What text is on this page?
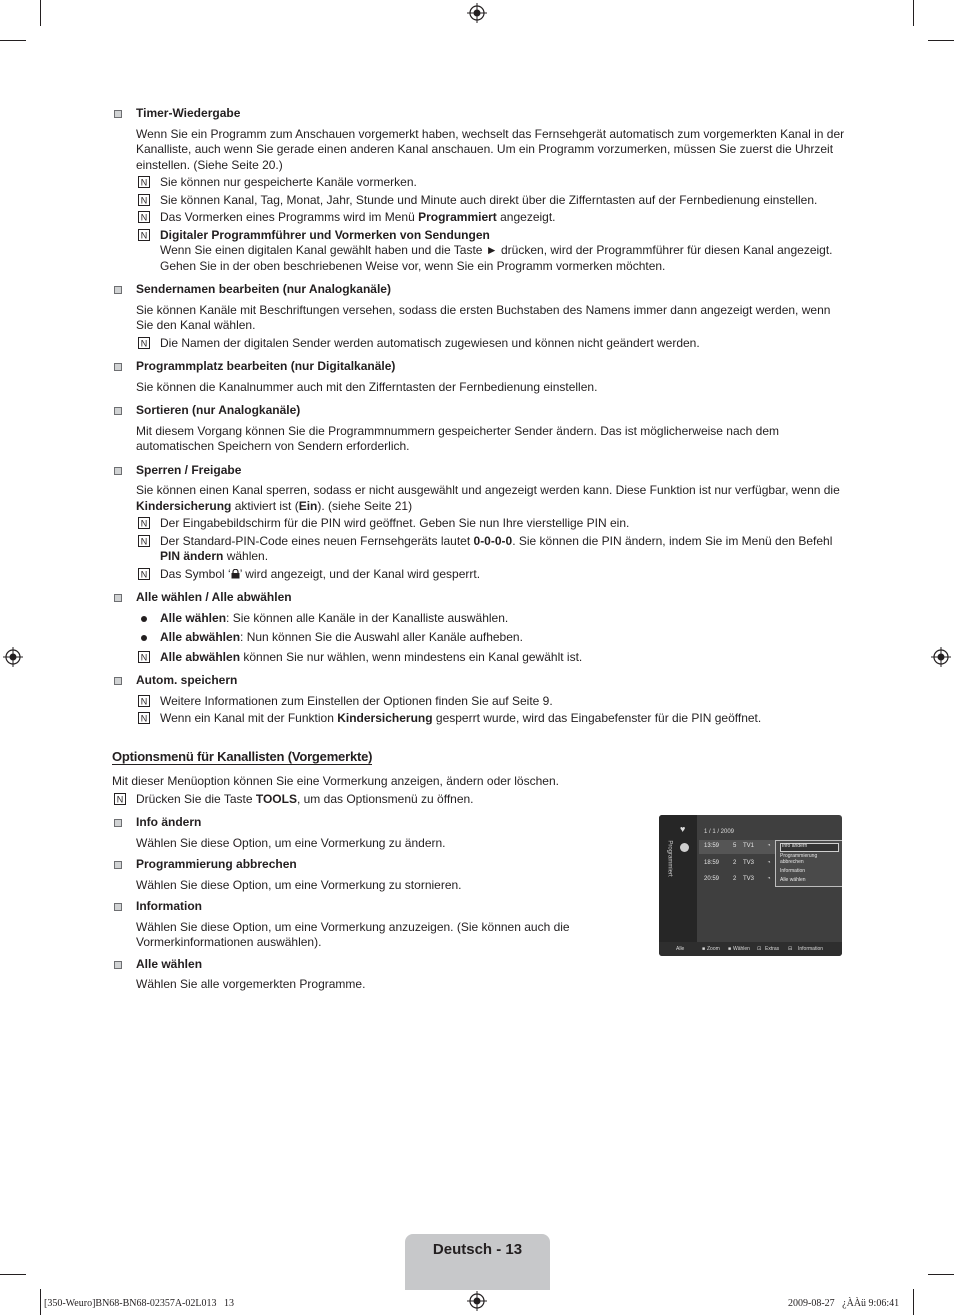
Timer-Wiedergabe

Wenn Sie ein Programm zum Anschauen vorgemerkt haben, wechselt das Fernsehgerät automatisch zum vorgemerkten Kanal in der Kanalliste, auch wenn Sie gerade einen anderen Kanal anschauen. Um ein Programm vorzumerken, müssen Sie zuerst die Uhrzeit einstellen. (Siehe Seite 20.)

N Sie können nur gespeicherte Kanäle vormerken.
N Sie können Kanal, Tag, Monat, Jahr, Stunde und Minute auch direkt über die Zifferntasten auf der Fernbedienung einstellen.
N Das Vormerken eines Programms wird im Menü Programmiert angezeigt.
N Digitaler Programmführer und Vormerken von Sendungen
Wenn Sie einen digitalen Kanal gewählt haben und die Taste ► drücken, wird der Programmführer für diesen Kanal angezeigt. Gehen Sie in der oben beschriebenen Weise vor, wenn Sie ein Programm vormerken möchten.
Sendernamen bearbeiten (nur Analogkanäle)

Sie können Kanäle mit Beschriftungen versehen, sodass die ersten Buchstaben des Namens immer dann angezeigt werden, wenn Sie den Kanal wählen.

N Die Namen der digitalen Sender werden automatisch zugewiesen und können nicht geändert werden.
Programmplatz bearbeiten (nur Digitalkanäle)

Sie können die Kanalnummer auch mit den Zifferntasten der Fernbedienung einstellen.

Sortieren (nur Analogkanäle)

Mit diesem Vorgang können Sie die Programmnummern gespeicherter Sender ändern. Das ist möglicherweise nach dem automatischen Speichern von Sendern erforderlich.

Sperren / Freigabe

Sie können einen Kanal sperren, sodass er nicht ausgewählt und angezeigt werden kann. Diese Funktion ist nur verfügbar, wenn die Kindersicherung aktiviert ist (Ein). (siehe Seite 21)

N Der Eingabebildschirm für die PIN wird geöffnet. Geben Sie nun Ihre vierstellige PIN ein.
N Der Standard-PIN-Code eines neuen Fernsehgeräts lautet 0-0-0-0. Sie können die PIN ändern, indem Sie im Menü den Befehl PIN ändern wählen.
N Das Symbol ‘ ’ wird angezeigt, und der Kanal wird gesperrt.
Alle wählen / Alle abwählen
Alle wählen: Sie können alle Kanäle in der Kanalliste auswählen.
Alle abwählen: Nun können Sie die Auswahl aller Kanäle aufheben.
N Alle abwählen können Sie nur wählen, wenn mindestens ein Kanal gewählt ist.
Autom. speichern
N Weitere Informationen zum Einstellen der Optionen finden Sie auf Seite 9.
N Wenn ein Kanal mit der Funktion Kindersicherung gesperrt wurde, wird das Eingabefenster für die PIN geöffnet.
Optionsmenü für Kanallisten (Vorgemerkte)

Mit dieser Menüoption können Sie eine Vormerkung anzeigen, ändern oder löschen.

N Drücken Sie die Taste TOOLS, um das Optionsmenü zu öffnen.
Info ändern

Wählen Sie diese Option, um eine Vormerkung zu ändern.

Programmierung abbrechen

Wählen Sie diese Option, um eine Vormerkung zu stornieren.

Information

Wählen Sie diese Option, um eine Vormerkung anzuzeigen. (Sie können auch die Vormerkinformationen auswählen).

Alle wählen

Wählen Sie alle vorgemerkten Programme.

Programmiert
♥	1 / 1 / 2009
13:59 5 TV1 ◔
18:59 2 TV3 ◔
20:59 2 TV3 ◔
Info ändern
Programmierung abbrechen
Information
Alle wählen
Alle	■ Zoom ■ Wählen ⊡ Extras ⊟ Information
Deutsch - 13
[350-Weuro]BN68-BN68-02357A-02L013   13	2009-08-27   ¿ÀÀü 9:06:41
